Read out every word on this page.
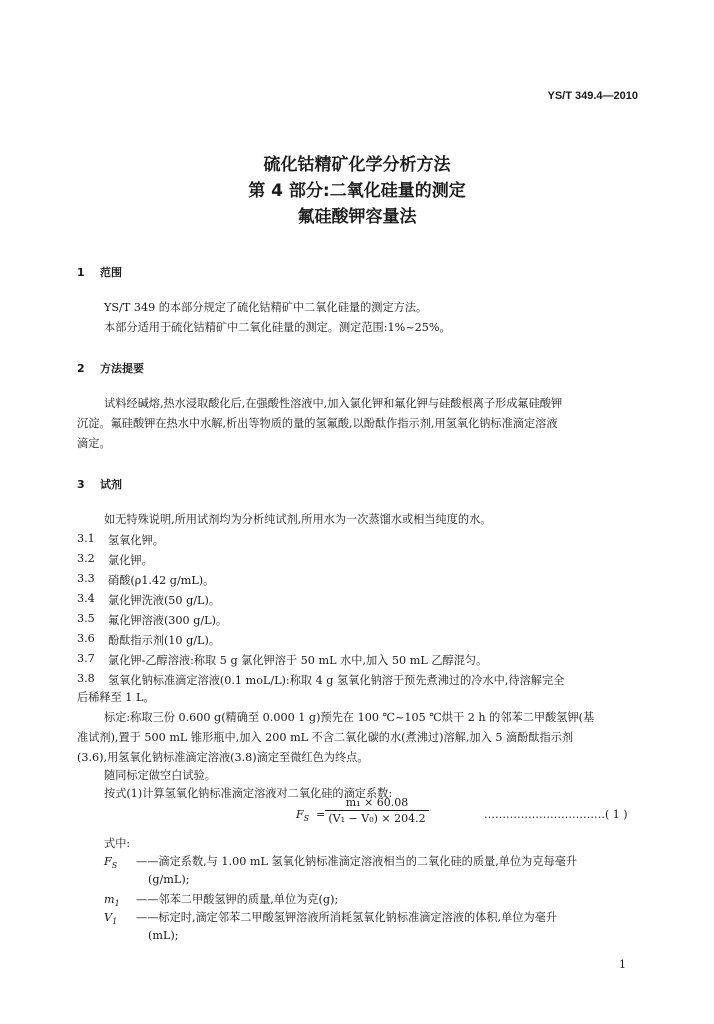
YS/T 349.4—2010
硫化钴精矿化学分析方法
第 4 部分:二氧化硅量的测定
氟硅酸钾容量法
1 范围
YS/T 349 的本部分规定了硫化钴精矿中二氧化硅量的测定方法。
本部分适用于硫化钴精矿中二氧化硅量的测定。测定范围:1%~25%。
2 方法提要
试料经碱熔,热水浸取酸化后,在强酸性溶液中,加入氯化钾和氟化钾与硅酸根离子形成氟硅酸钾
沉淀。氟硅酸钾在热水中水解,析出等物质的量的氢氟酸,以酚酞作指示剂,用氢氧化钠标准滴定溶液
滴定。
3 试剂
如无特殊说明,所用试剂均为分析纯试剂,所用水为一次蒸馏水或相当纯度的水。
3.1 氢氧化钾。
3.2 氯化钾。
3.3 硝酸(ρ1.42 g/mL)。
3.4 氯化钾洗液(50 g/L)。
3.5 氟化钾溶液(300 g/L)。
3.6 酚酞指示剂(10 g/L)。
3.7 氯化钾-乙醇溶液:称取 5 g 氯化钾溶于 50 mL 水中,加入 50 mL 乙醇混匀。
3.8 氢氧化钠标准滴定溶液(0.1 moL/L):称取 4 g 氢氧化钠溶于预先煮沸过的冷水中,待溶解完全
后稀释至 1 L。
标定:称取三份 0.600 g(精确至 0.000 1 g)预先在 100 ℃~105 ℃烘干 2 h 的邻苯二甲酸氢钾(基
准试剂),置于 500 mL 锥形瓶中,加入 200 mL 不含二氧化碳的水(煮沸过)溶解,加入 5 滴酚酞指示剂
(3.6),用氢氧化钠标准滴定溶液(3.8)滴定至微红色为终点。
随同标定做空白试验。
按式(1)计算氢氧化钠标准滴定溶液对二氧化硅的滴定系数:
$F_S$ =
m₁ × 60.08
(V₁ − V₀) × 204.2	……………………………( 1 )
式中:
$F_S$ ——滴定系数,与 1.00 mL 氢氧化钠标准滴定溶液相当的二氧化硅的质量,单位为克每毫升
(g/mL);
$m_1$ ——邻苯二甲酸氢钾的质量,单位为克(g);
$V_1$ ——标定时,滴定邻苯二甲酸氢钾溶液所消耗氢氧化钠标准滴定溶液的体积,单位为毫升
(mL);
1
